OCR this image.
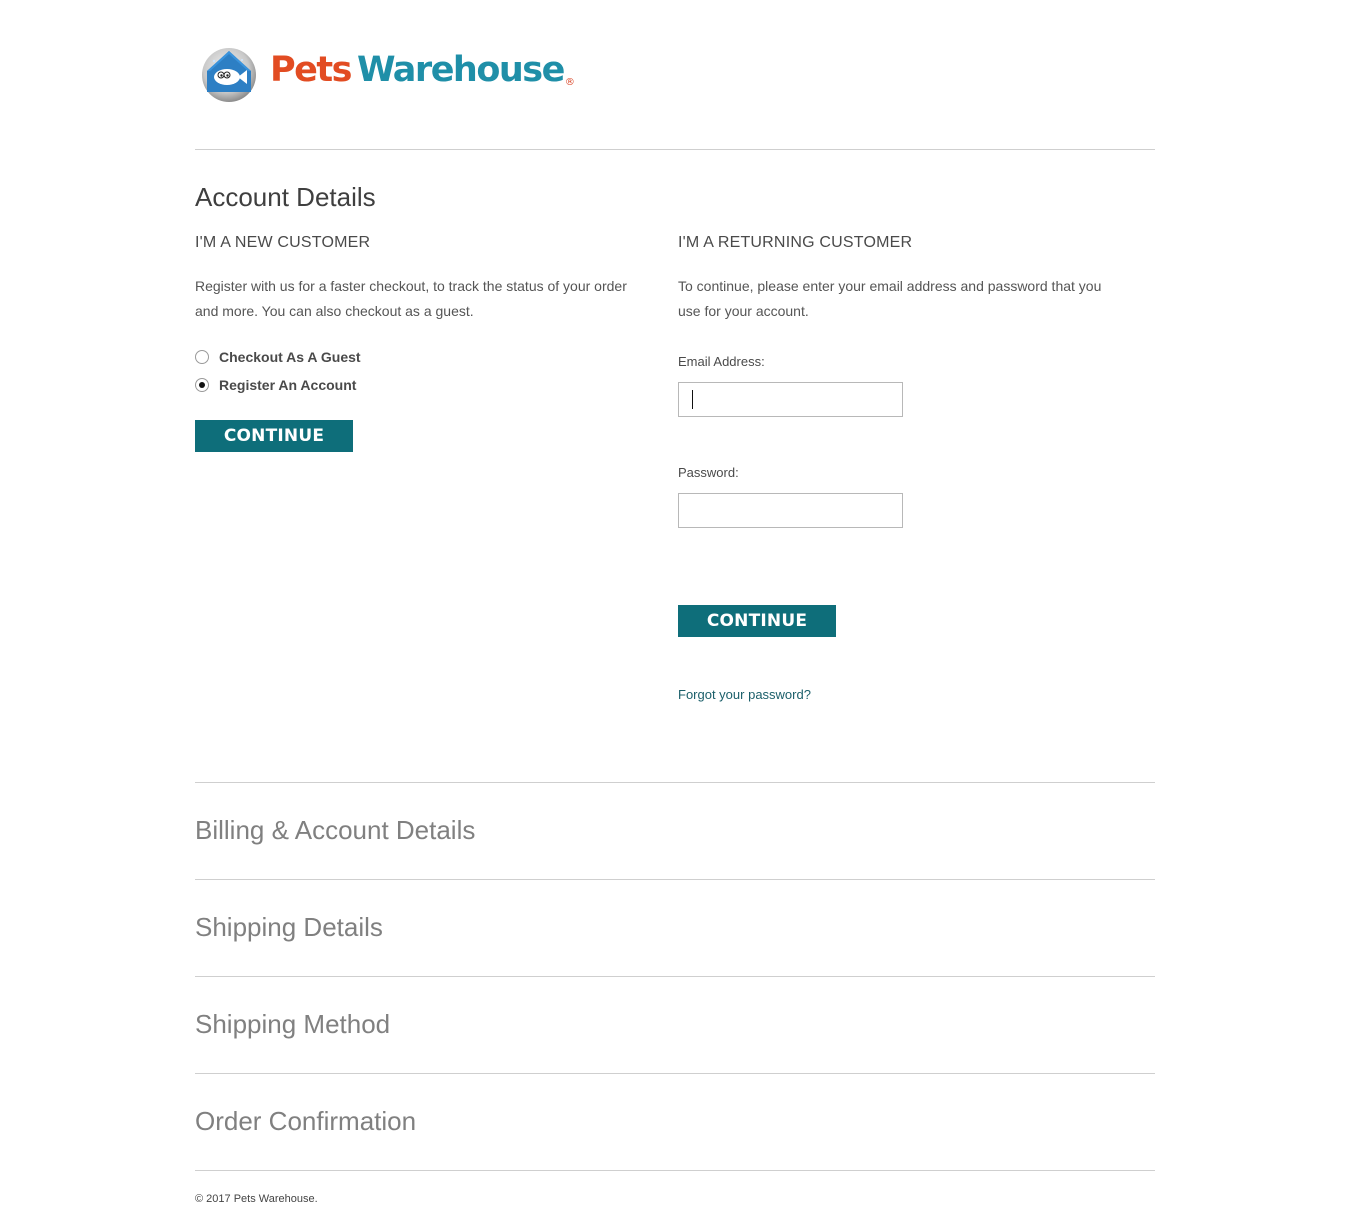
Pets Warehouse®
Account Details
I'M A NEW CUSTOMER

Register with us for a faster checkout, to track the status of your order and more. You can also checkout as a guest.

Checkout As A Guest
Register An Account
CONTINUE
I'M A RETURNING CUSTOMER

To continue, please enter your email address and password that you use for your account.

Email Address:
Password:
CONTINUE
Forgot your password?
Billing & Account Details
Shipping Details
Shipping Method
Order Confirmation
© 2017 Pets Warehouse.
